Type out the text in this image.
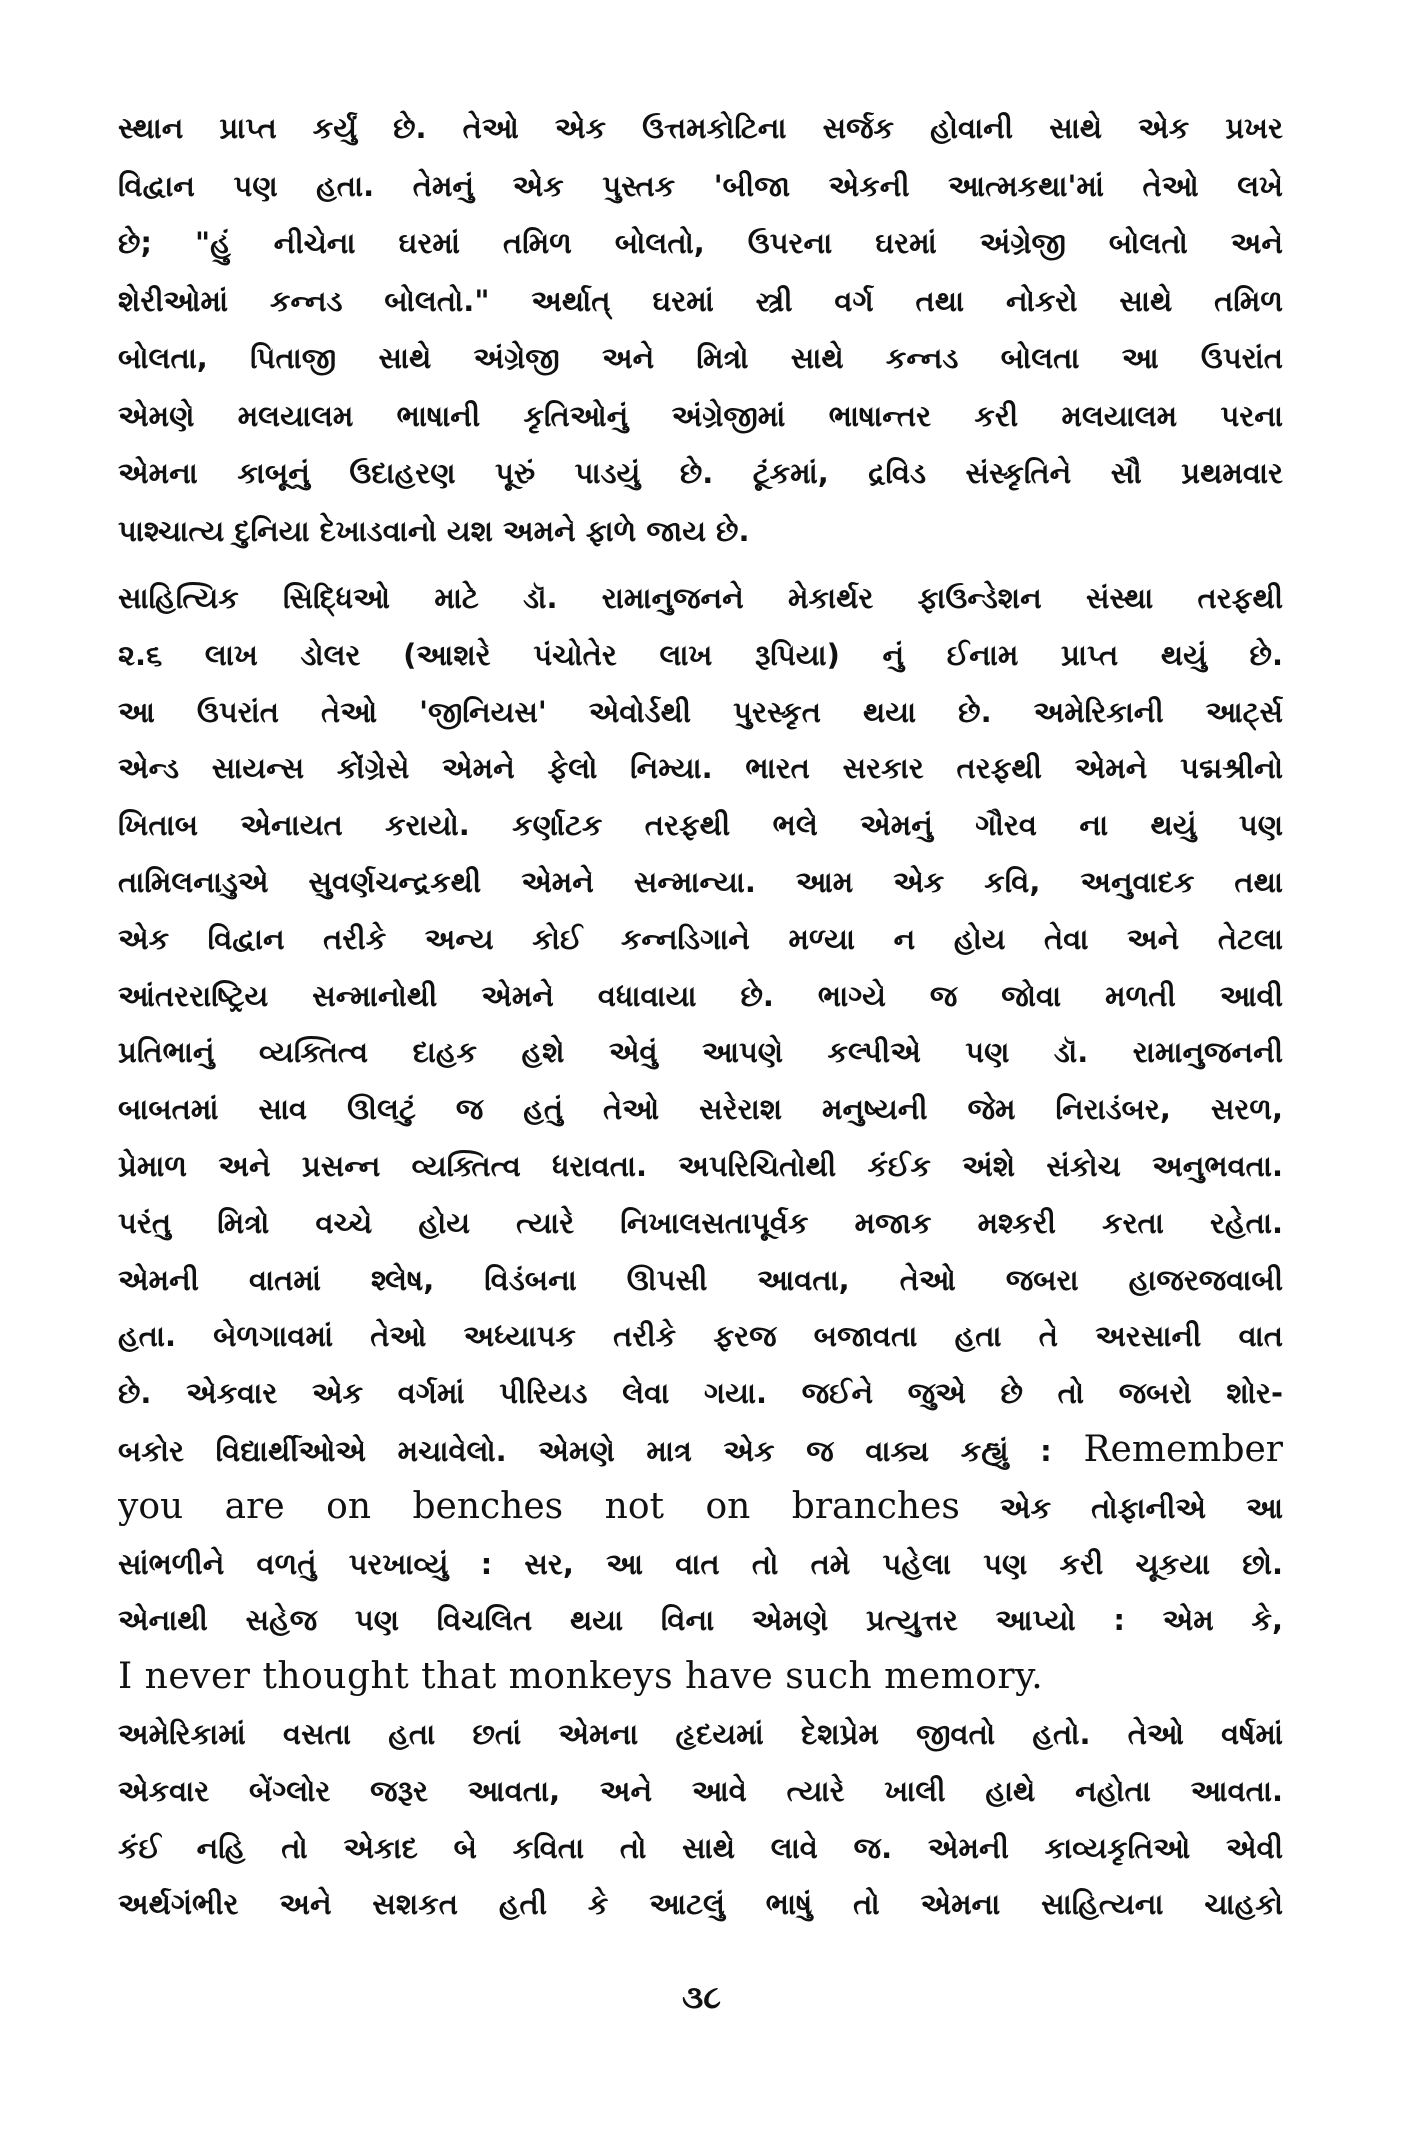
સ્થાન પ્રાપ્ત કર્યું છે. તેઓ એક ઉત્તમકોટિના સર્જક હોવાની સાથે એક પ્રખર
વિદ્વાન પણ હતા. તેમનું એક પુસ્તક 'બીજા એકની આત્મકથા'માં તેઓ લખે
છે; "હું નીચેના ઘરમાં તમિળ બોલતો, ઉપરના ઘરમાં અંગ્રેજી બોલતો અને
શેરીઓમાં કન્નડ બોલતો." અર્થાત્ ઘરમાં સ્ત્રી વર્ગ તથા નોકરો સાથે તમિળ
બોલતા, પિતાજી સાથે અંગ્રેજી અને મિત્રો સાથે કન્નડ બોલતા આ ઉપરાંત
એમણે મલયાલમ ભાષાની કૃતિઓનું અંગ્રેજીમાં ભાષાન્તર કરી મલયાલમ પરના
એમના કાબૂનું ઉદાહરણ પૂરું પાડયું છે. ટૂંકમાં, દ્રવિડ સંસ્કૃતિને સૌ પ્રથમવાર
પાશ્ચાત્ય દુનિયા દેખાડવાનો યશ અમને ફાળે જાય છે.
સાહિત્યિક સિદ્ધિઓ માટે ડૉ. રામાનુજનને મેકાર્થર ફાઉન્ડેશન સંસ્થા તરફથી
૨.૬ લાખ ડોલર (આશરે પંચોતેર લાખ રૂપિયા) નું ઈનામ પ્રાપ્ત થયું છે.
આ ઉપરાંત તેઓ 'જીનિયસ' એવોર્ડથી પુરસ્કૃત થયા છે. અમેરિકાની આર્ટ્સ
એન્ડ સાયન્સ કોંગ્રેસે એમને ફેલો નિમ્યા. ભારત સરકાર તરફથી એમને પદ્મશ્રીનો
ખિતાબ એનાયત કરાયો. કર્ણાટક તરફથી ભલે એમનું ગૌરવ ના થયું પણ
તામિલનાડુએ સુવર્ણચન્દ્રકથી એમને સન્માન્યા. આમ એક કવિ, અનુવાદક તથા
એક વિદ્વાન તરીકે અન્ય કોઈ કન્નડિગાને મળ્યા ન હોય તેવા અને તેટલા
આંતરરાષ્ટ્રિય સન્માનોથી એમને વધાવાયા છે. ભાગ્યે જ જોવા મળતી આવી
પ્રતિભાનું વ્યક્તિત્વ દાહક હશે એવું આપણે કલ્પીએ પણ ડૉ. રામાનુજનની
બાબતમાં સાવ ઊલટું જ હતું તેઓ સરેરાશ મનુષ્યની જેમ નિરાડંબર, સરળ,
પ્રેમાળ અને પ્રસન્ન વ્યક્તિત્વ ધરાવતા. અપરિચિતોથી કંઈક અંશે સંકોચ અનુભવતા.
પરંતુ મિત્રો વચ્ચે હોય ત્યારે નિખાલસતાપૂર્વક મજાક મશ્કરી કરતા રહેતા.
એમની વાતમાં શ્લેષ, વિડંબના ઊપસી આવતા, તેઓ જબરા હાજરજવાબી
હતા. બેળગાવમાં તેઓ અધ્યાપક તરીકે ફરજ બજાવતા હતા તે અરસાની વાત
છે. એકવાર એક વર્ગમાં પીરિયડ લેવા ગયા. જઈને જુએ છે તો જબરો શોર-
બકોર વિદ્યાર્થીઓએ મચાવેલો. એમણે માત્ર એક જ વાક્ય કહ્યું : Remember
you are on benches not on branches એક તોફાનીએ આ
સાંભળીને વળતું પરખાવ્યું : સર, આ વાત તો તમે પહેલા પણ કરી ચૂકયા છો.
એનાથી સહેજ પણ વિચલિત થયા વિના એમણે પ્રત્યુત્તર આપ્યો : એમ કે,
I never thought that monkeys have such memory.
અમેરિકામાં વસતા હતા છતાં એમના હૃદયમાં દેશપ્રેમ જીવતો હતો. તેઓ વર્ષમાં
એકવાર બેંગ્લોર જરૂર આવતા, અને આવે ત્યારે ખાલી હાથે નહોતા આવતા.
કંઈ નહિ તો એકાદ બે કવિતા તો સાથે લાવે જ. એમની કાવ્યકૃતિઓ એવી
અર્થગંભીર અને સશકત હતી કે આટલું ભાષું તો એમના સાહિત્યના ચાહકો
૩૮
